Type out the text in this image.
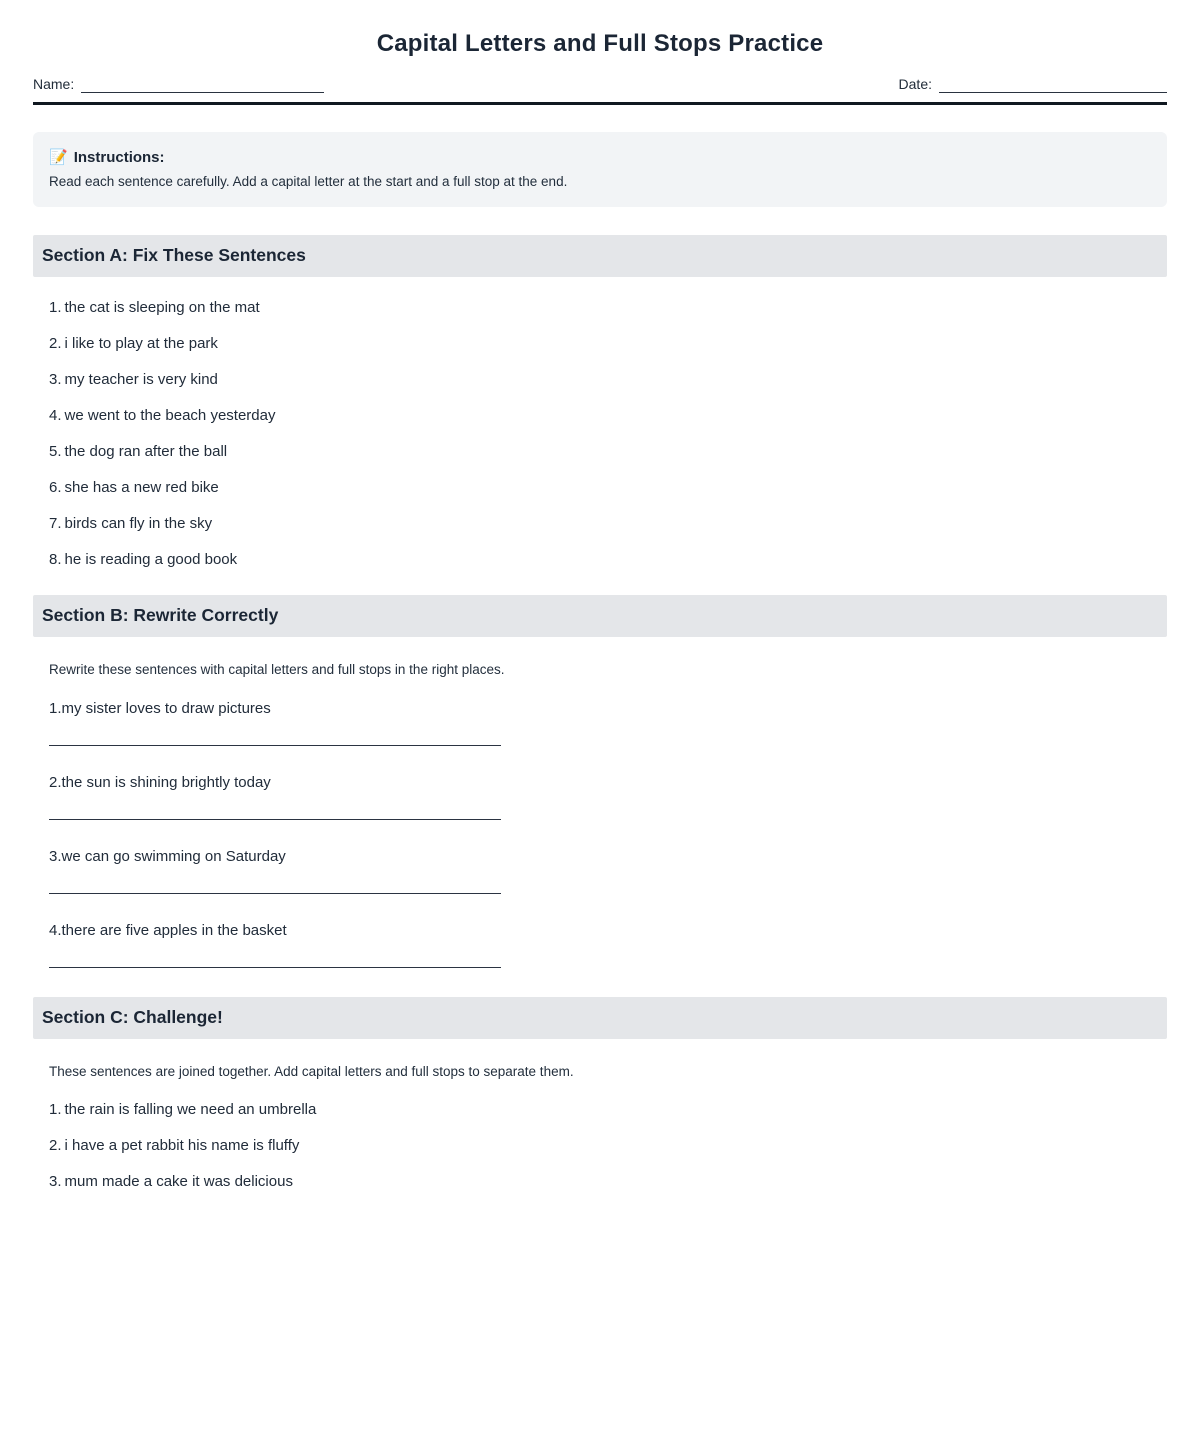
Capital Letters and Full Stops Practice
Name:	Date:
📝 Instructions:
Read each sentence carefully. Add a capital letter at the start and a full stop at the end.
Section A: Fix These Sentences
1. the cat is sleeping on the mat
2. i like to play at the park
3. my teacher is very kind
4. we went to the beach yesterday
5. the dog ran after the ball
6. she has a new red bike
7. birds can fly in the sky
8. he is reading a good book
Section B: Rewrite Correctly
Rewrite these sentences with capital letters and full stops in the right places.
1.my sister loves to draw pictures
2.the sun is shining brightly today
3.we can go swimming on Saturday
4.there are five apples in the basket
Section C: Challenge!
These sentences are joined together. Add capital letters and full stops to separate them.
1. the rain is falling we need an umbrella
2. i have a pet rabbit his name is fluffy
3. mum made a cake it was delicious
